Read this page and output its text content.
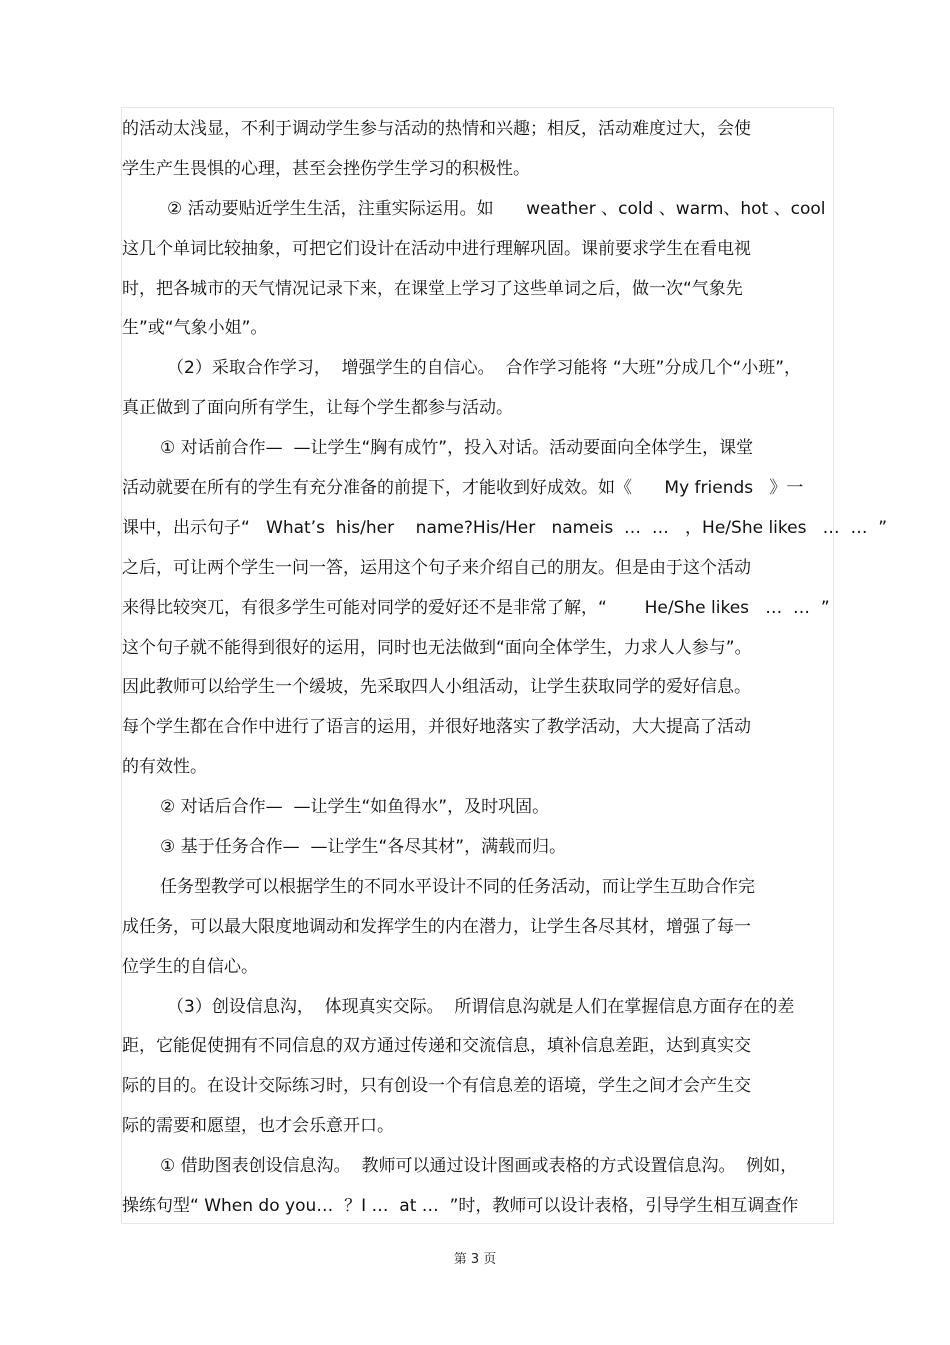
的活动太浅显，不利于调动学生参与活动的热情和兴趣；相反，活动难度过大，会使
学生产生畏惧的心理，甚至会挫伤学生学习的积极性。
② 活动要贴近学生生活，注重实际运用。如      weather 、cold 、warm、hot 、cool
这几个单词比较抽象，可把它们设计在活动中进行理解巩固。课前要求学生在看电视
时，把各城市的天气情况记录下来，在课堂上学习了这些单词之后，做一次“气象先
生”或“气象小姐”。
（2）采取合作学习，  增强学生的自信心。  合作学习能将 “大班”分成几个“小班”，
真正做到了面向所有学生，让每个学生都参与活动。
① 对话前合作—  —让学生“胸有成竹”，投入对话。活动要面向全体学生，课堂
活动就要在所有的学生有充分准备的前提下，才能收到好成效。如《      My friends   》一
课中，出示句子“   What’s  his/her    name?His/Her   nameis  …  …   ，He/She likes   …  …  ”
之后，可让两个学生一问一答，运用这个句子来介绍自己的朋友。但是由于这个活动
来得比较突兀，有很多学生可能对同学的爱好还不是非常了解，“       He/She likes   …  …  ”
这个句子就不能得到很好的运用，同时也无法做到“面向全体学生，力求人人参与”。
因此教师可以给学生一个缓坡，先采取四人小组活动，让学生获取同学的爱好信息。
每个学生都在合作中进行了语言的运用，并很好地落实了教学活动，大大提高了活动
的有效性。
② 对话后合作—  —让学生“如鱼得水”，及时巩固。
③ 基于任务合作—  —让学生“各尽其材”，满载而归。
任务型教学可以根据学生的不同水平设计不同的任务活动，而让学生互助合作完
成任务，可以最大限度地调动和发挥学生的内在潜力，让学生各尽其材，增强了每一
位学生的自信心。
（3）创设信息沟，  体现真实交际。  所谓信息沟就是人们在掌握信息方面存在的差
距，它能促使拥有不同信息的双方通过传递和交流信息，填补信息差距，达到真实交
际的目的。在设计交际练习时，只有创设一个有信息差的语境，学生之间才会产生交
际的需要和愿望，也才会乐意开口。
① 借助图表创设信息沟。  教师可以通过设计图画或表格的方式设置信息沟。  例如，
操练句型“ When do you…  ？I …  at …  ”时，教师可以设计表格，引导学生相互调查作
第 3 页
